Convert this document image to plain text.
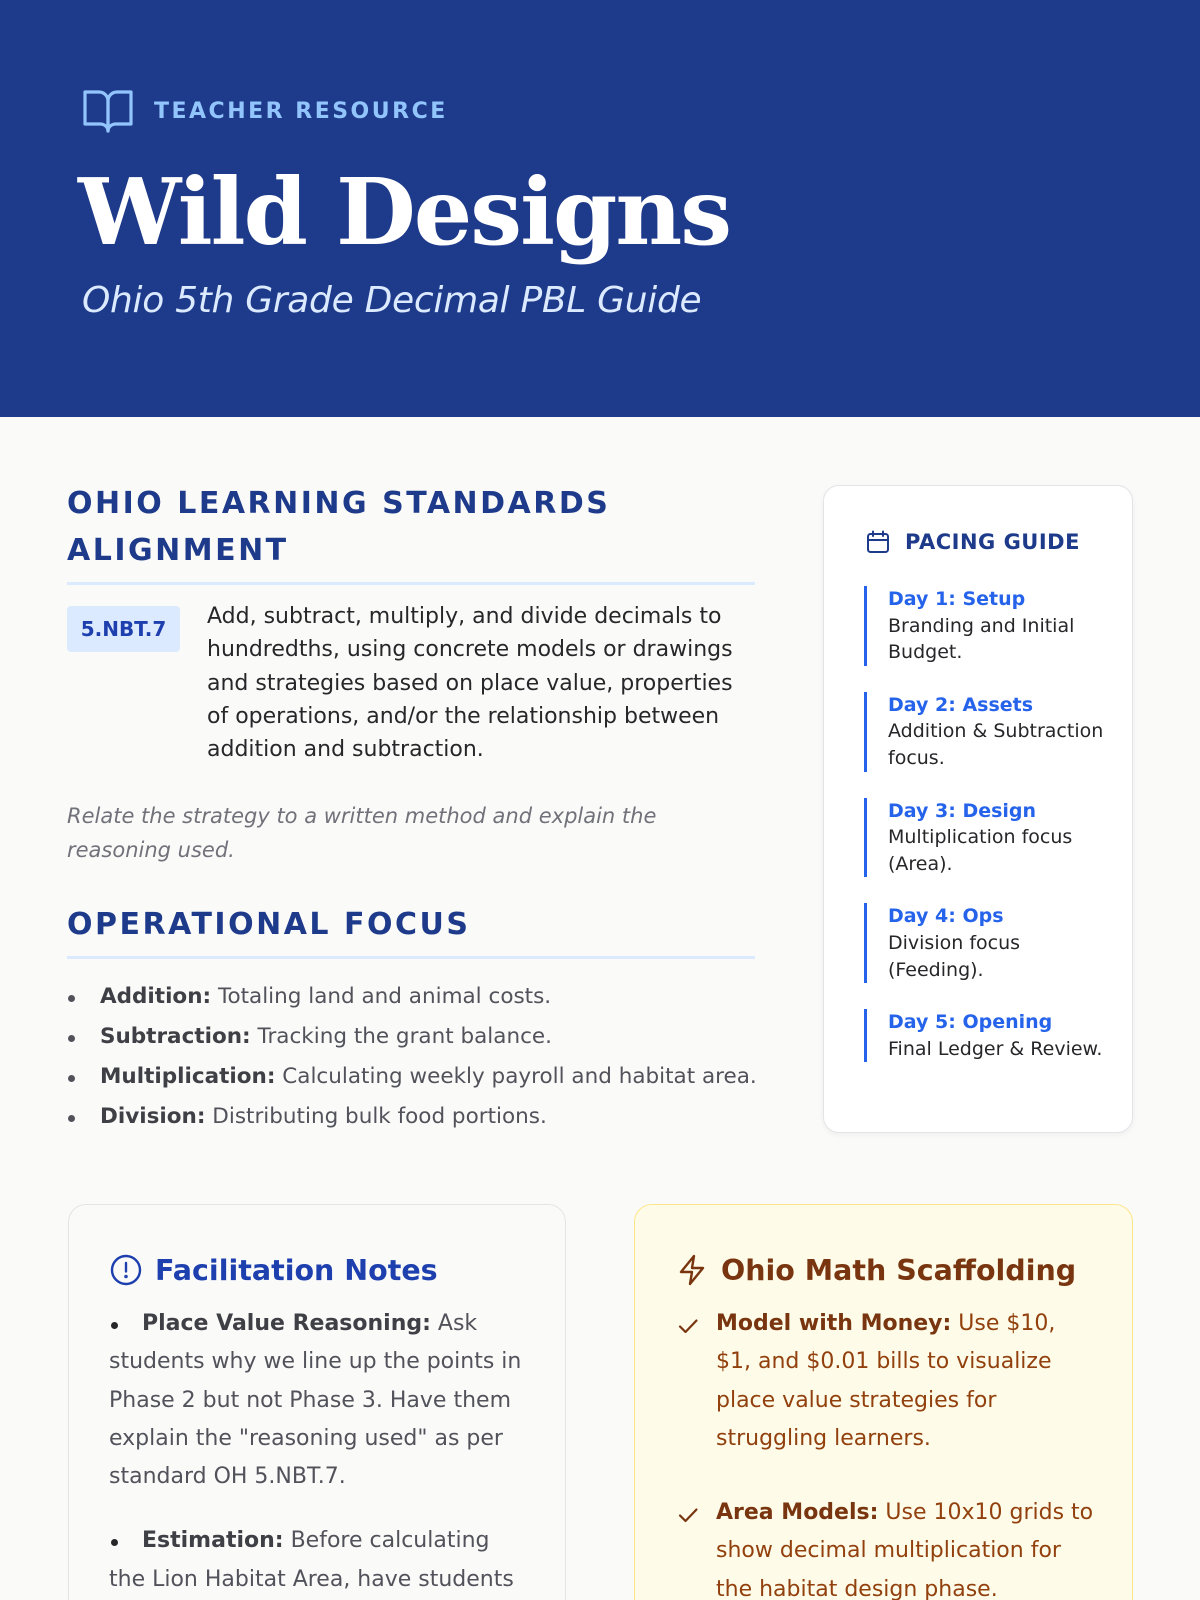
TEACHER RESOURCE
Wild Designs
Ohio 5th Grade Decimal PBL Guide
OHIO LEARNING STANDARDS ALIGNMENT
5.NBT.7	Add, subtract, multiply, and divide decimals to hundredths, using concrete models or drawings and strategies based on place value, properties of operations, and/or the relationship between addition and subtraction.

Relate the strategy to a written method and explain the reasoning used.

OPERATIONAL FOCUS
Addition: Totaling land and animal costs.
Subtraction: Tracking the grant balance.
Multiplication: Calculating weekly payroll and habitat area.
Division: Distributing bulk food portions.
PACING GUIDE
Day 1: Setup
Branding and Initial Budget.
Day 2: Assets
Addition & Subtraction focus.
Day 3: Design
Multiplication focus (Area).
Day 4: Ops
Division focus (Feeding).
Day 5: Opening
Final Ledger & Review.
Facilitation Notes
Place Value Reasoning: Ask students why we line up the points in Phase 2 but not Phase 3. Have them explain the "reasoning used" as per standard OH 5.NBT.7.
Estimation: Before calculating the Lion Habitat Area, have students
Ohio Math Scaffolding
Model with Money: Use $10, $1, and $0.01 bills to visualize place value strategies for struggling learners.
Area Models: Use 10x10 grids to show decimal multiplication for the habitat design phase.
